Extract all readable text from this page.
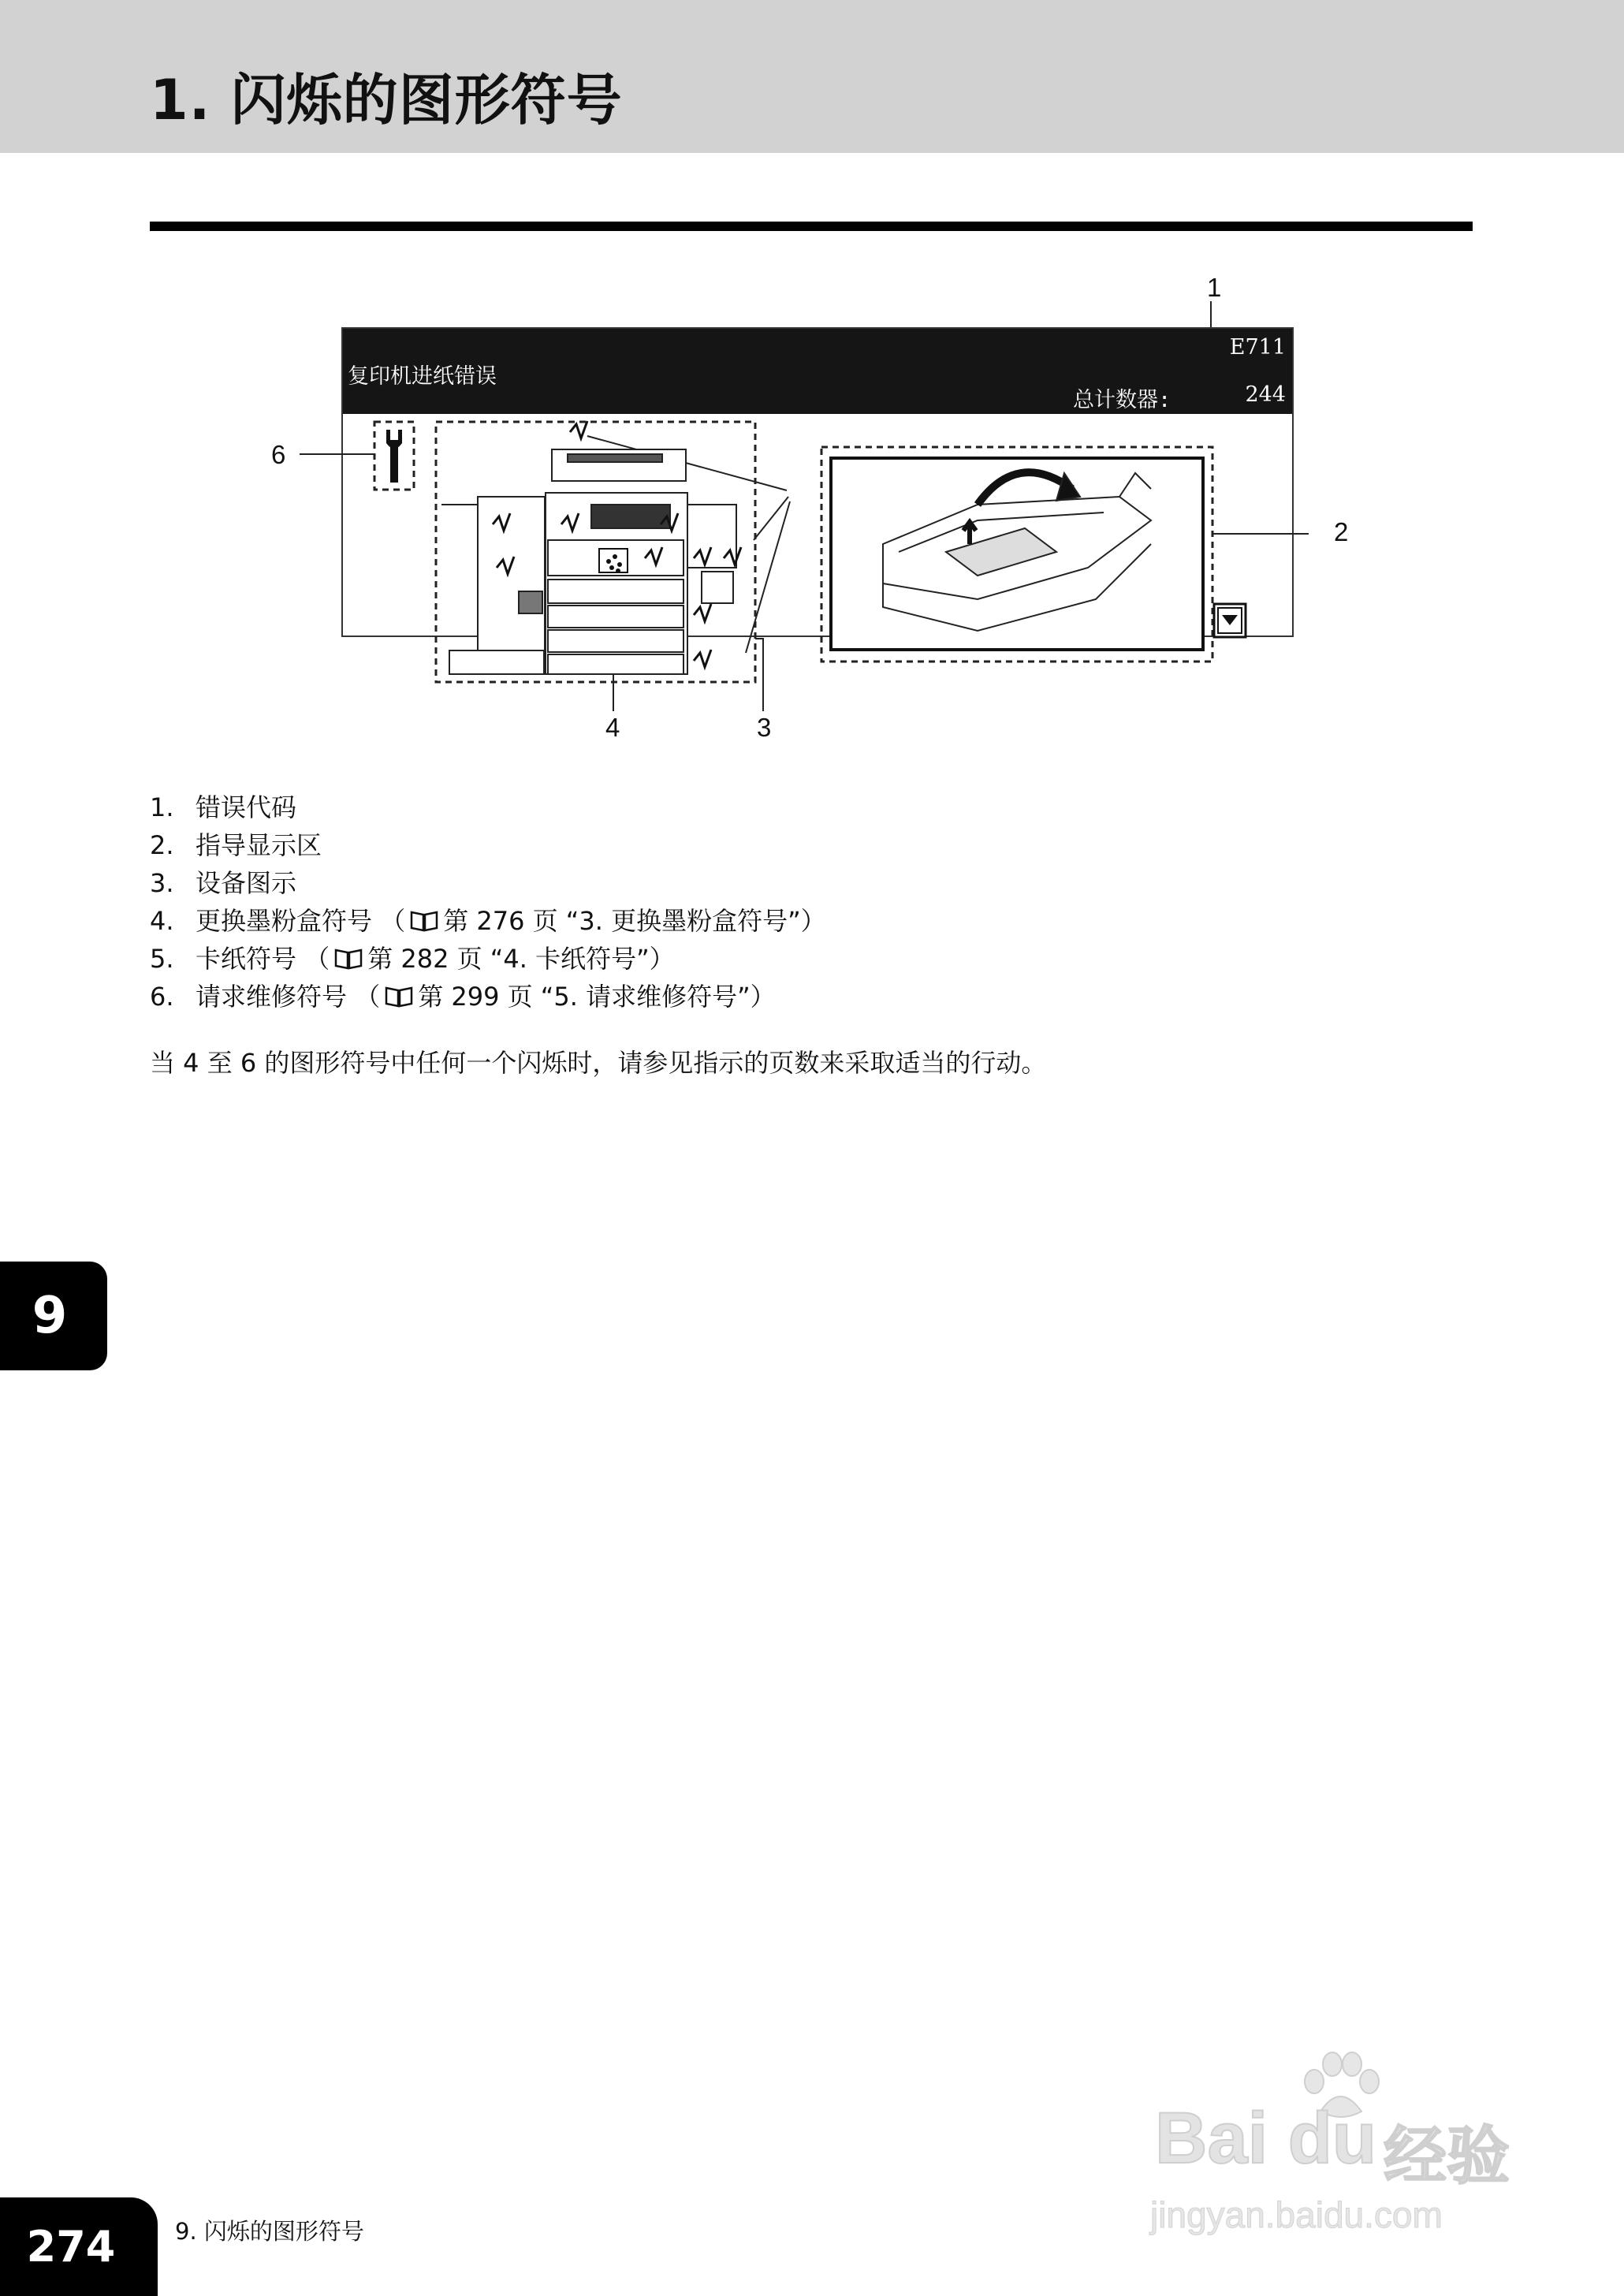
1. 闪烁的图形符号
1
2
3
4
6
复印机进纸错误
E711
总计数器:	244
1. 错误代码
2. 指导显示区
3. 设备图示
4. 更换墨粉盒符号 （ 第 276 页 “3. 更换墨粉盒符号”）
5. 卡纸符号 （ 第 282 页 “4. 卡纸符号”）
6. 请求维修符号 （ 第 299 页 “5. 请求维修符号”）

当 4 至 6 的图形符号中任何一个闪烁时，请参见指示的页数来采取适当的行动。

9
274	9. 闪烁的图形符号
Bai du 经验
jingyan.baidu.com
